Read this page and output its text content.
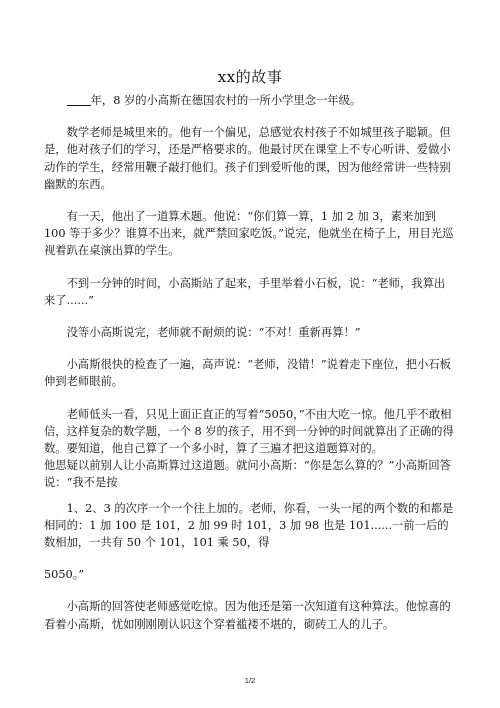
xx的故事

年，8 岁的小高斯在德国农村的一所小学里念一年级。

数学老师是城里来的。他有一个偏见，总感觉农村孩子不如城里孩子聪颖。但是，他对孩子们的学习，还是严格要求的。他最讨厌在课堂上不专心听讲、爱做小动作的学生，经常用鞭子敲打他们。孩子们到爱听他的课，因为他经常讲一些特别幽默的东西。

有一天，他出了一道算术题。他说：“你们算一算，1 加 2 加 3，素来加到 100 等于多少？谁算不出来，就严禁回家吃饭。”说完，他就坐在椅子上，用目光巡视着趴在桌演出算的学生。

不到一分钟的时间，小高斯站了起来，手里举着小石板，说：“老师，我算出来了......”

没等小高斯说完，老师就不耐烦的说：“不对！重新再算！”

小高斯很快的检查了一遍，高声说：“老师，没错！”说着走下座位，把小石板伸到老师眼前。

老师低头一看，只见上面正直正的写着“5050，”不由大吃一惊。他几乎不敢相信，这样复杂的数学题，一个 8 岁的孩子，用不到一分钟的时间就算出了正确的得数。要知道，他自己算了一个多小时，算了三遍才把这道题算对的。

他思疑以前别人让小高斯算过这道题。就问小高斯：“你是怎么算的？”小高斯回答说：“我不是按

1、2、3 的次序一个一个往上加的。老师，你看，一头一尾的两个数的和都是相同的：1 加 100 是 101，2 加 99 时 101，3 加 98 也是 101......一前一后的数相加，一共有 50 个 101，101 乘 50，得

5050。”

小高斯的回答使老师感觉吃惊。因为他还是第一次知道有这种算法。他惊喜的看着小高斯，忧如刚刚刚认识这个穿着褴褛不堪的，砌砖工人的儿子。

1/2
